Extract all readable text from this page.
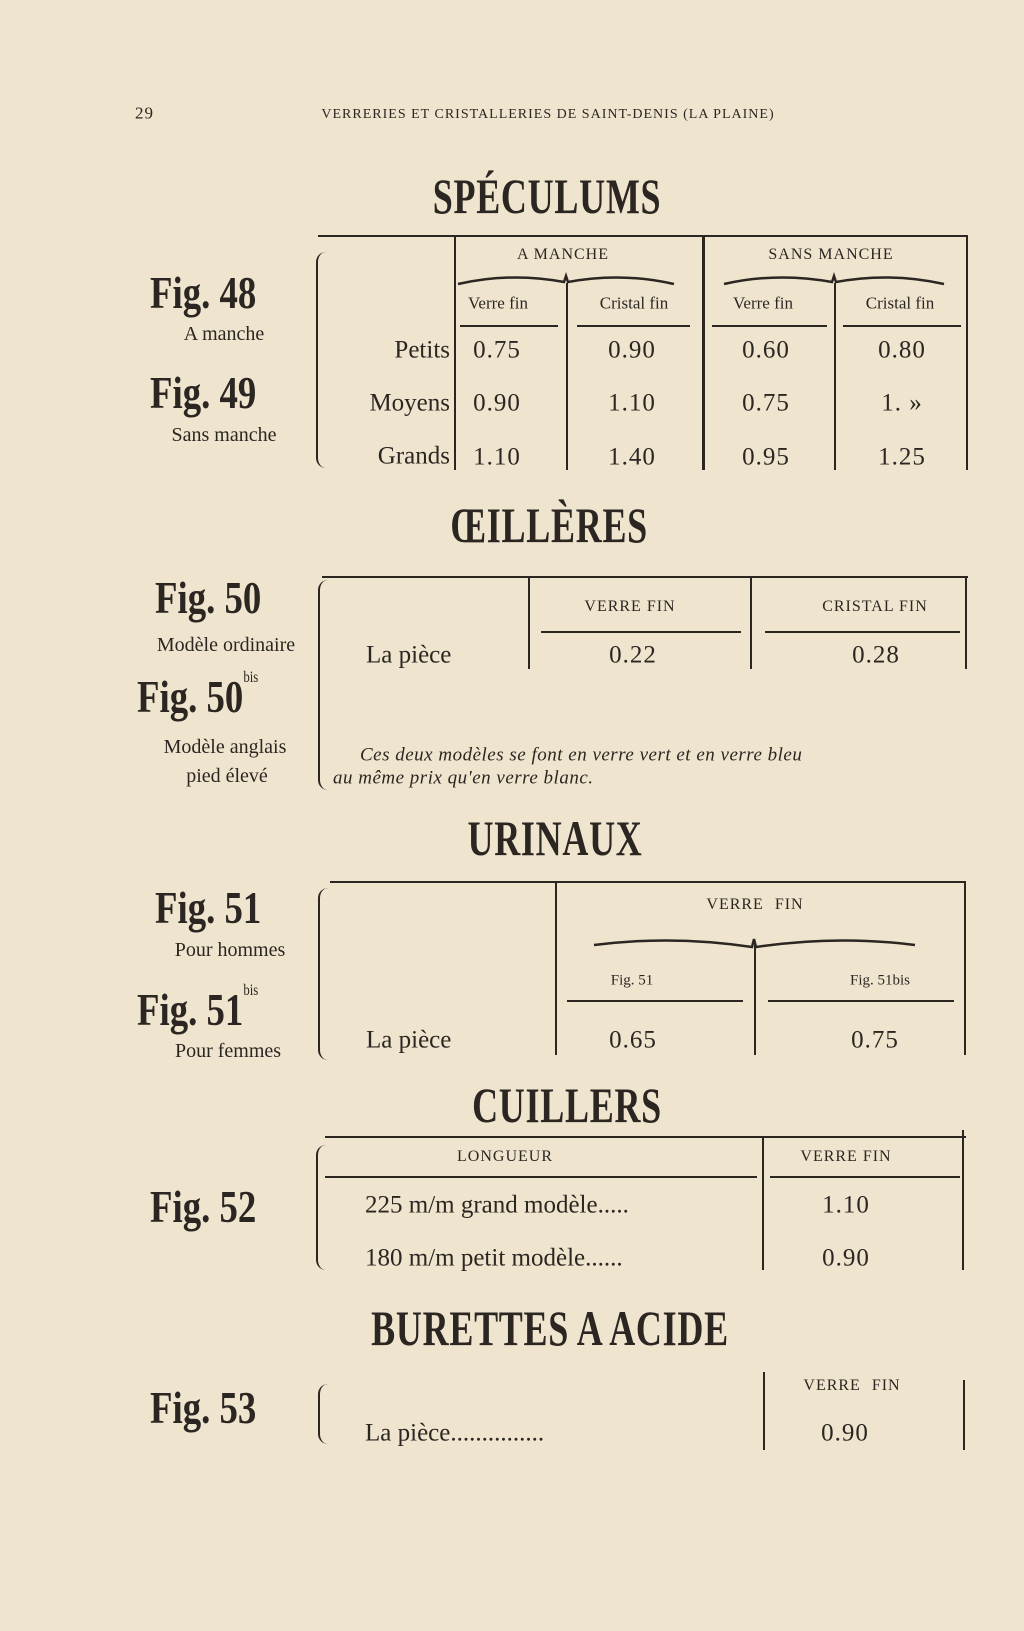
29	VERRERIES ET CRISTALLERIES DE SAINT-DENIS (LA PLAINE)
SPÉCULUMS
Fig. 48
A manche
Fig. 49
Sans manche
A MANCHE	SANS MANCHE
Verre fin	Cristal fin	Verre fin	Cristal fin
Petits 0.75	0.90	0.60	0.80
Moyens 0.90	1.10	0.75	1. »
Grands 1.10	1.40	0.95	1.25
ŒILLÈRES
Fig. 50
Modèle ordinaire
Fig. $50^{bis}$
Modèle anglais
pied élevé
VERRE FIN	CRISTAL FIN
La pièce	0.22	0.28
Ces deux modèles se font en verre vert et en verre bleu
au même prix qu'en verre blanc.
URINAUX
Fig. 51
Pour hommes
Fig. $51^{bis}$
Pour femmes
VERRE FIN
Fig. 51	Fig. 51bis
La pièce	0.65	0.75
CUILLERS
Fig. 52
LONGUEUR	VERRE FIN
225 m/m grand modèle.....	1.10
180 m/m petit modèle......	0.90
BURETTES A ACIDE
Fig. 53	VERRE FIN
La pièce...............	0.90
